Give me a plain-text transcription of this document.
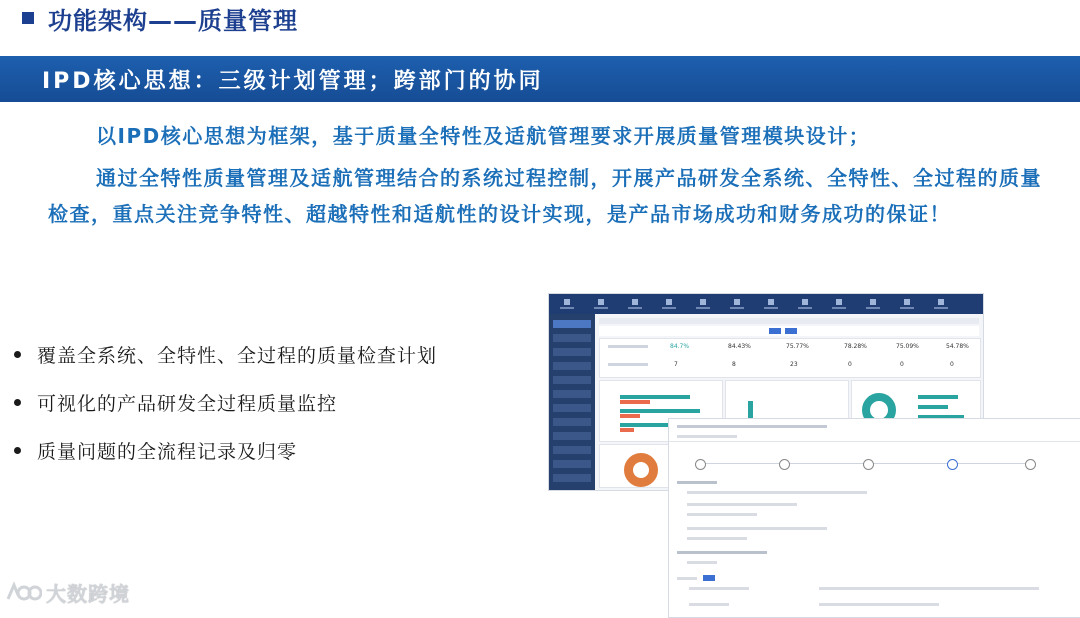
功能架构——质量管理
IPD核心思想：三级计划管理；跨部门的协同
以IPD核心思想为框架，基于质量全特性及适航管理要求开展质量管理模块设计；
通过全特性质量管理及适航管理结合的系统过程控制，开展产品研发全系统、全特性、全过程的质量检查，重点关注竞争特性、超越特性和适航性的设计实现，是产品市场成功和财务成功的保证！
覆盖全系统、全特性、全过程的质量检查计划
可视化的产品研发全过程质量监控
质量问题的全流程记录及归零
84.7%	84.43%	75.77%	78.28%	75.09%	54.78%
7	8	23	0	0	0
大数跨境
